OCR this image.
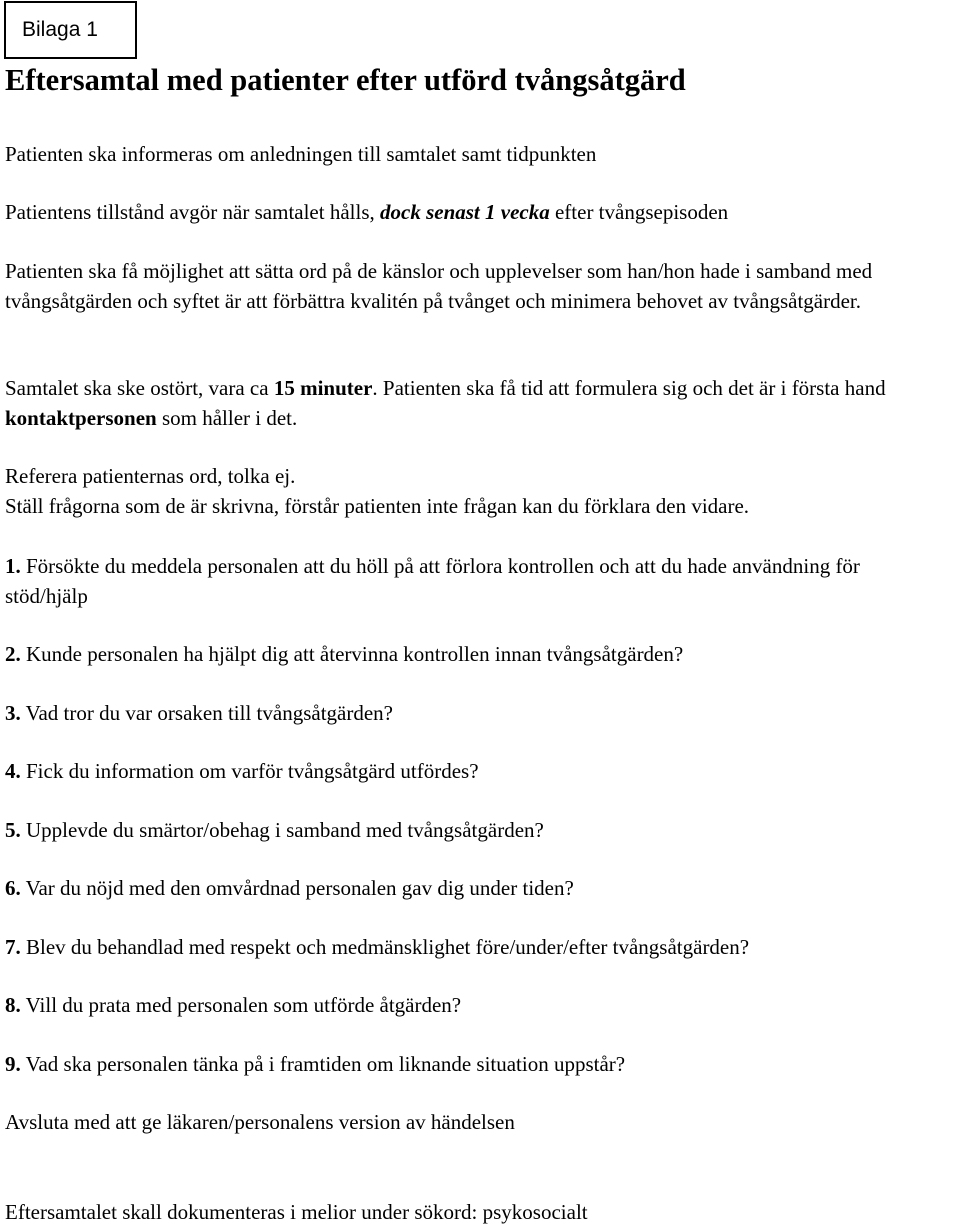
Bilaga 1
Eftersamtal med patienter efter utförd tvångsåtgärd

Patienten ska informeras om anledningen till samtalet samt tidpunkten

Patientens tillstånd avgör när samtalet hålls, dock senast 1 vecka efter tvångsepisoden

Patienten ska få möjlighet att sätta ord på de känslor och upplevelser som han/hon hade i samband med tvångsåtgärden och syftet är att förbättra kvalitén på tvånget och minimera behovet av tvångsåtgärder.

Samtalet ska ske ostört, vara ca 15 minuter. Patienten ska få tid att formulera sig och det är i första hand kontaktpersonen som håller i det.

Referera patienternas ord, tolka ej.

Ställ frågorna som de är skrivna, förstår patienten inte frågan kan du förklara den vidare.

1. Försökte du meddela personalen att du höll på att förlora kontrollen och att du hade användning för stöd/hjälp

2. Kunde personalen ha hjälpt dig att återvinna kontrollen innan tvångsåtgärden?

3. Vad tror du var orsaken till tvångsåtgärden?

4. Fick du information om varför tvångsåtgärd utfördes?

5. Upplevde du smärtor/obehag i samband med tvångsåtgärden?

6. Var du nöjd med den omvårdnad personalen gav dig under tiden?

7. Blev du behandlad med respekt och medmänsklighet före/under/efter tvångsåtgärden?

8. Vill du prata med personalen som utförde åtgärden?

9. Vad ska personalen tänka på i framtiden om liknande situation uppstår?

Avsluta med att ge läkaren/personalens version av händelsen

Eftersamtalet skall dokumenteras i melior under sökord: psykosocialt
